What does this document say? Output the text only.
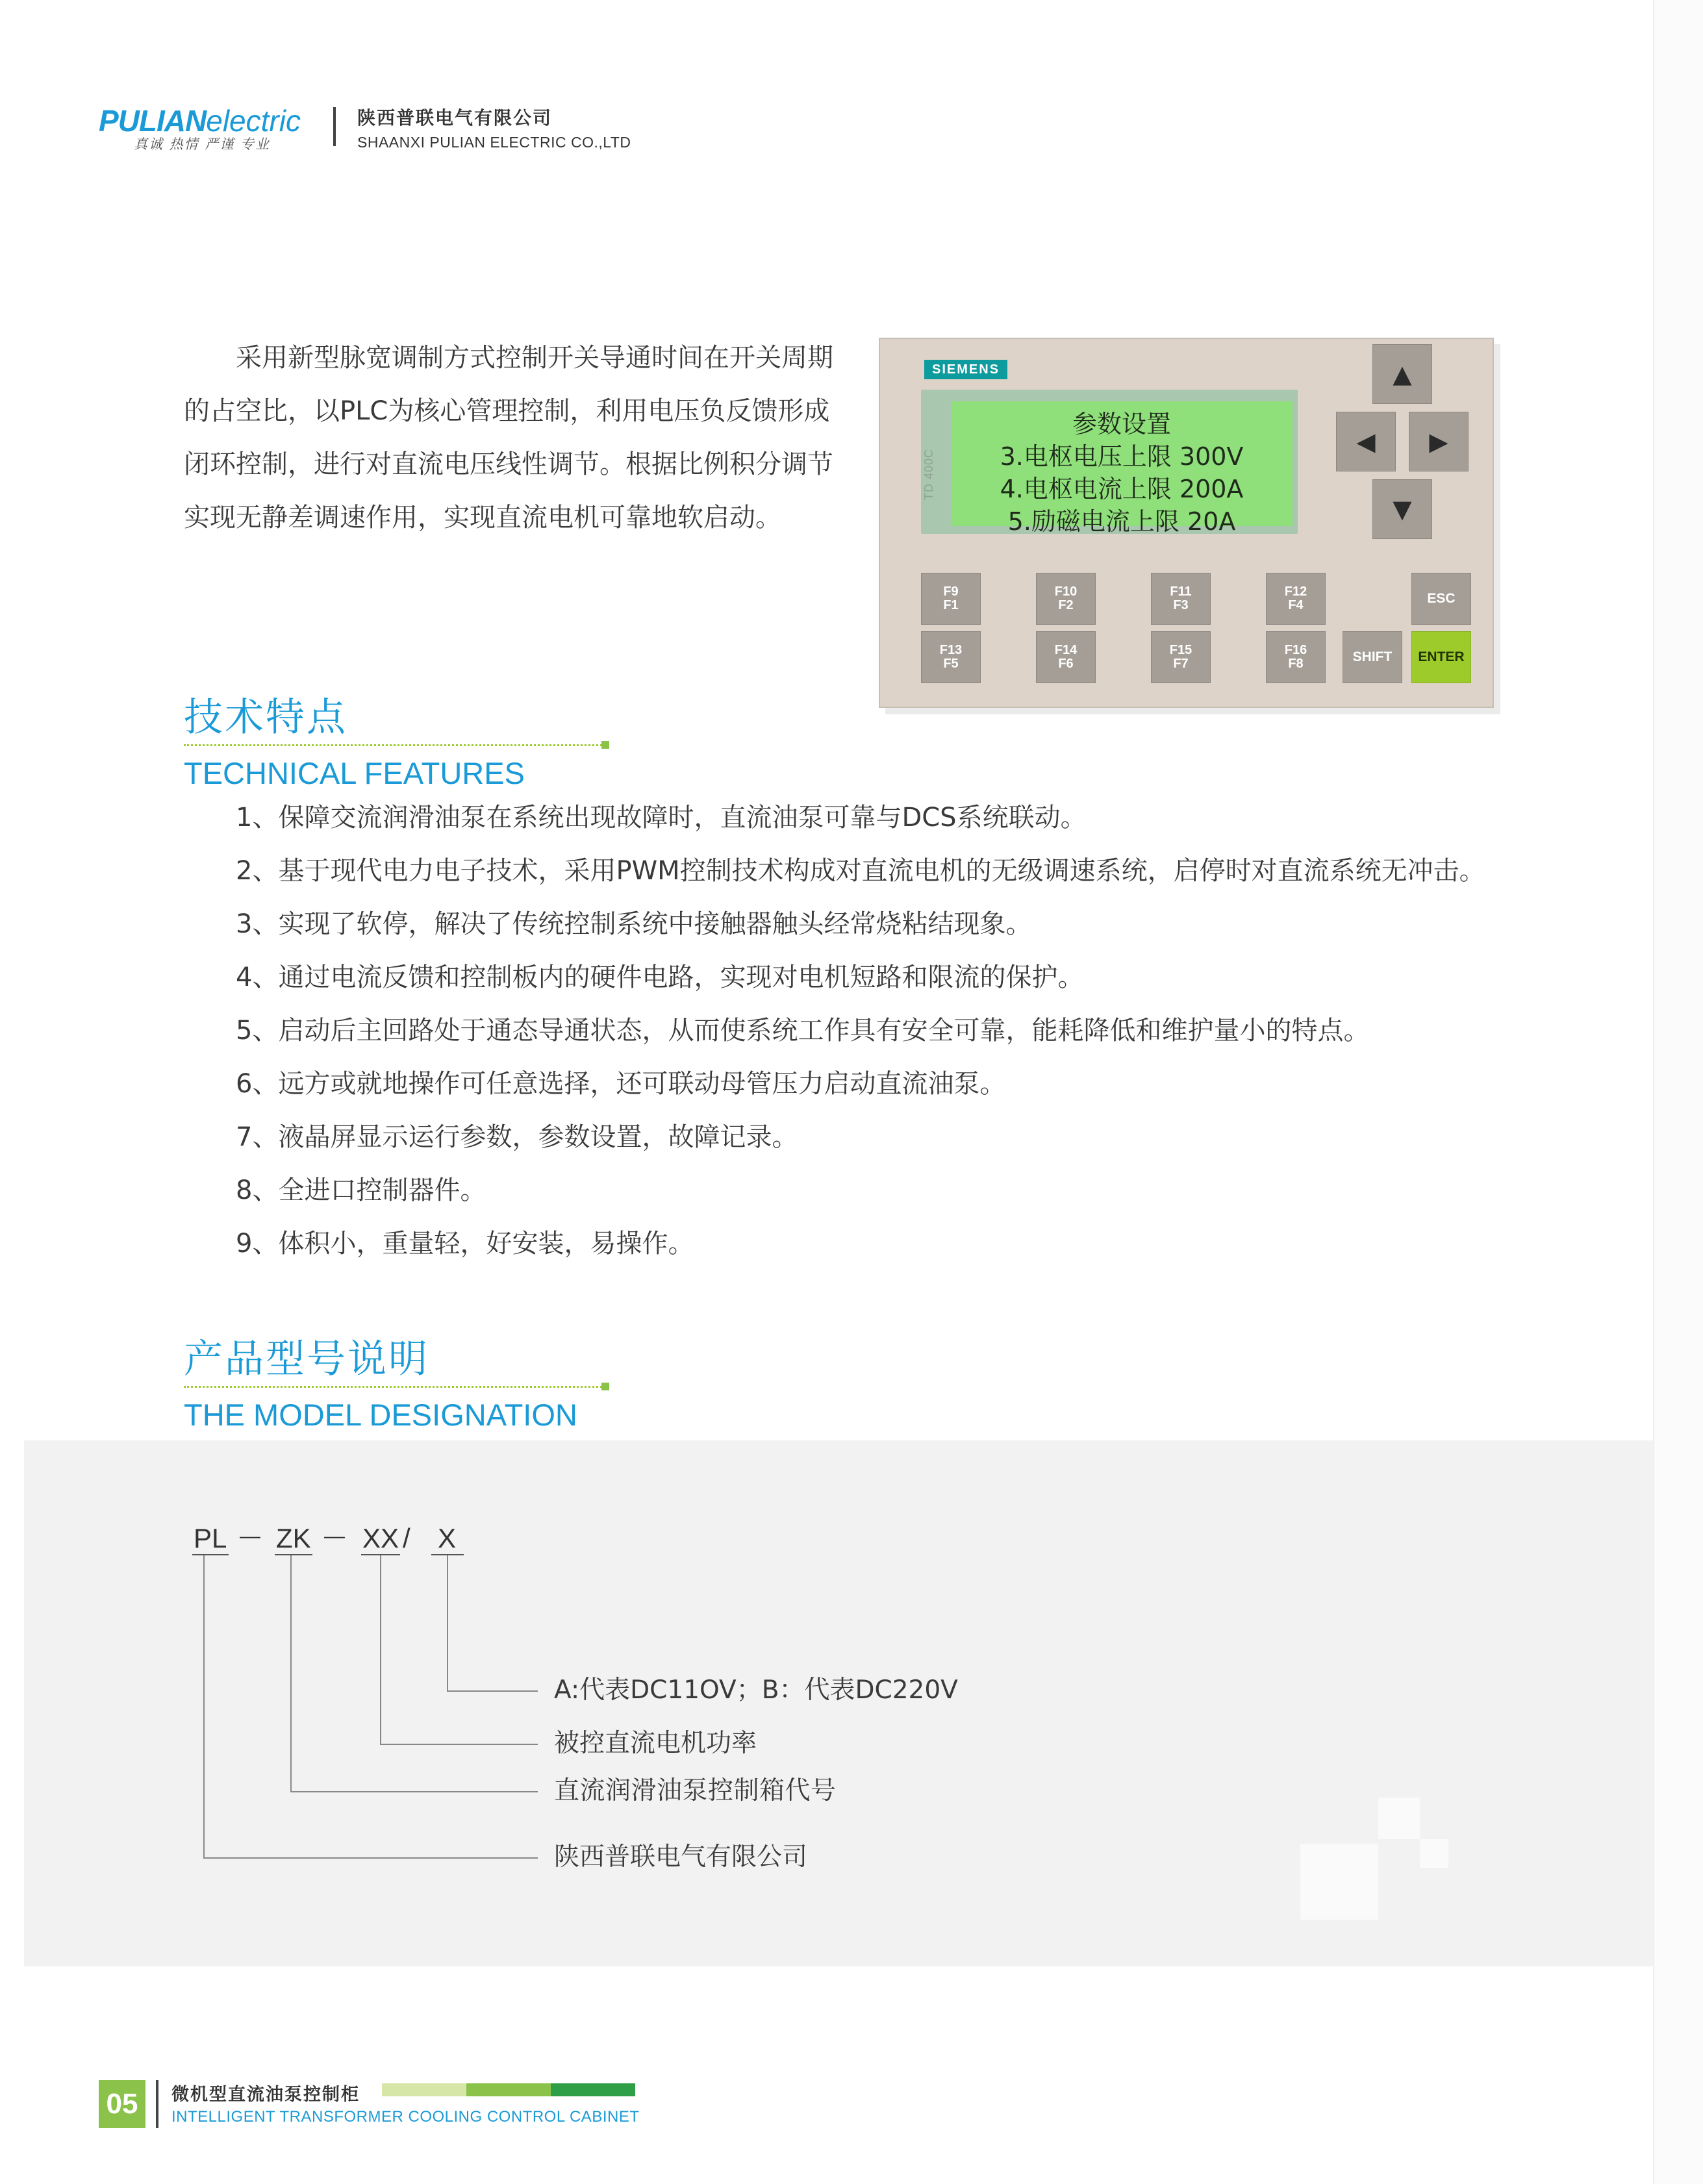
PULIANelectric
真诚 热情 严谨 专业
陕西普联电气有限公司
SHAANXI PULIAN ELECTRIC CO.,LTD

采用新型脉宽调制方式控制开关导通时间在开关周期的占空比，以PLC为核心管理控制，利用电压负反馈形成闭环控制，进行对直流电压线性调节。根据比例积分调节实现无静差调速作用，实现直流电机可靠地软启动。

SIEMENS
TD 400C
参数设置
3.电枢电压上限 300V
4.电枢电流上限 200A
5.励磁电流上限 20A
▲
◀	▶
▼
F9
F1
F10
F2
F11
F3
F12
F4	ESC
F13
F5
F14
F6
F15
F7
F16
F8	SHIFT	ENTER
技术特点
TECHNICAL FEATURES

1、保障交流润滑油泵在系统出现故障时，直流油泵可靠与DCS系统联动。

2、基于现代电力电子技术，采用PWM控制技术构成对直流电机的无级调速系统，启停时对直流系统无冲击。

3、实现了软停，解决了传统控制系统中接触器触头经常烧粘结现象。

4、通过电流反馈和控制板内的硬件电路，实现对电机短路和限流的保护。

5、启动后主回路处于通态导通状态，从而使系统工作具有安全可靠，能耗降低和维护量小的特点。

6、远方或就地操作可任意选择，还可联动母管压力启动直流油泵。

7、液晶屏显示运行参数，参数设置，故障记录。

8、全进口控制器件。

9、体积小，重量轻，好安装，易操作。

产品型号说明
THE MODEL DESIGNATION
PL － ZK － XX / X
A:代表DC11OV；B：代表DC220V
被控直流电机功率
直流润滑油泵控制箱代号
陕西普联电气有限公司
05	微机型直流油泵控制柜
INTELLIGENT TRANSFORMER COOLING CONTROL CABINET
